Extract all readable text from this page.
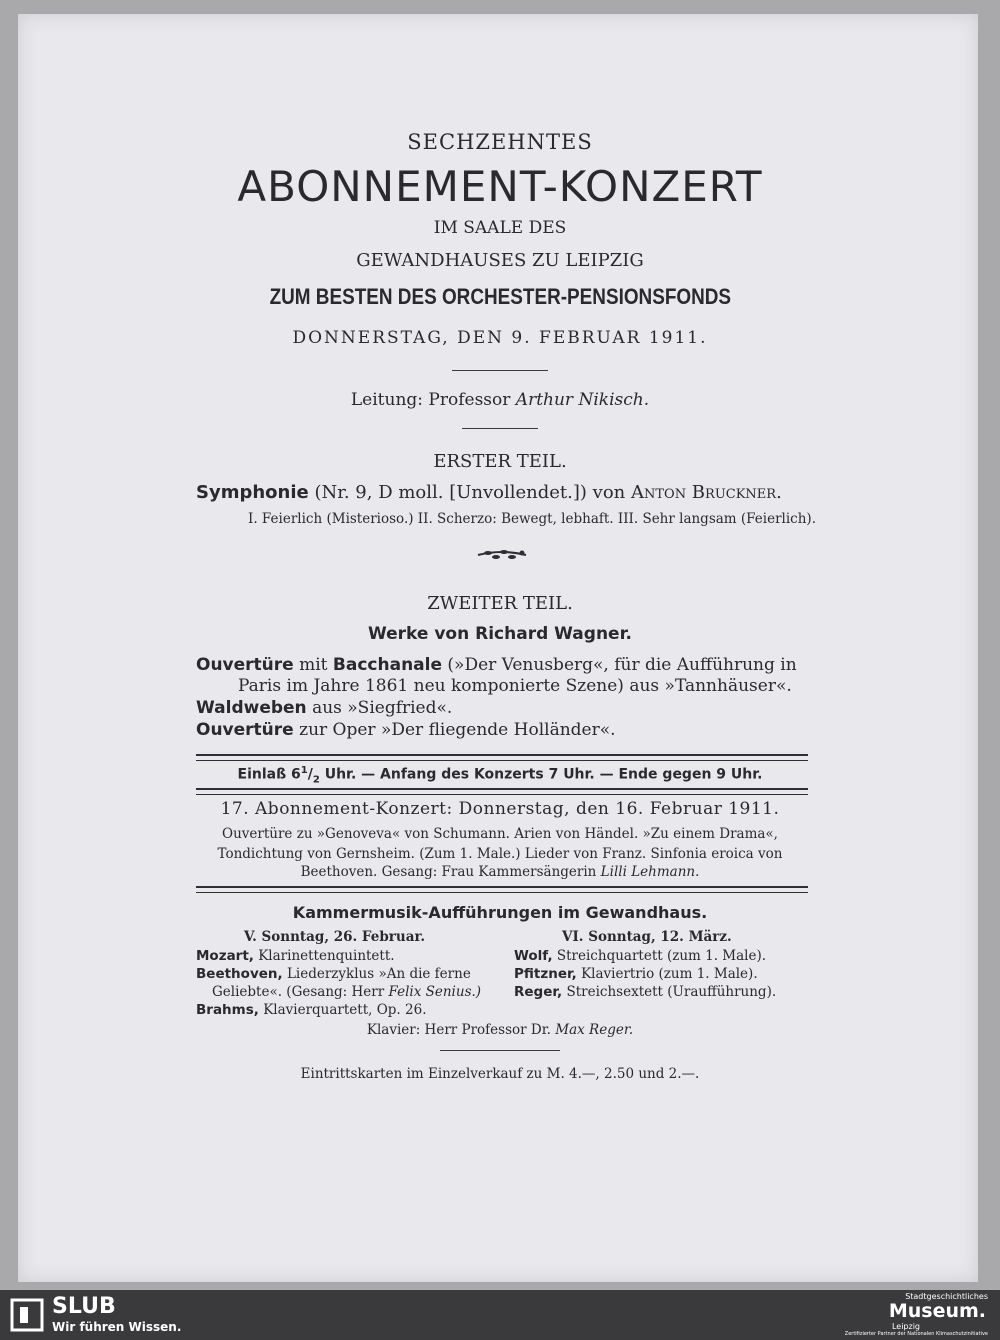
SECHZEHNTES
ABONNEMENT-KONZERT
IM SAALE DES
GEWANDHAUSES ZU LEIPZIG
ZUM BESTEN DES ORCHESTER-PENSIONSFONDS
DONNERSTAG, DEN 9. FEBRUAR 1911.
Leitung: Professor Arthur Nikisch.
ERSTER TEIL.
Symphonie (Nr. 9, D moll. [Unvollendet.]) von Anton Bruckner.
I. Feierlich (Misterioso.) II. Scherzo: Bewegt, lebhaft. III. Sehr langsam (Feierlich).
ZWEITER TEIL.
Werke von Richard Wagner.
Ouvertüre mit Bacchanale (»Der Venusberg«, für die Aufführung in
Paris im Jahre 1861 neu komponierte Szene) aus »Tannhäuser«.
Waldweben aus »Siegfried«.
Ouvertüre zur Oper »Der fliegende Holländer«.
Einlaß $6^1/_2$ Uhr. — Anfang des Konzerts 7 Uhr. — Ende gegen 9 Uhr.
17. Abonnement-Konzert: Donnerstag, den 16. Februar 1911.
Ouvertüre zu »Genoveva« von Schumann. Arien von Händel. »Zu einem Drama«,
Tondichtung von Gernsheim. (Zum 1. Male.) Lieder von Franz. Sinfonia eroica von
Beethoven. Gesang: Frau Kammersängerin Lilli Lehmann.
Kammermusik-Aufführungen im Gewandhaus.
V. Sonntag, 26. Februar.	VI. Sonntag, 12. März.
Mozart, Klarinettenquintett.
Beethoven, Liederzyklus »An die ferne
Geliebte«. (Gesang: Herr Felix Senius.)
Brahms, Klavierquartett, Op. 26.
Wolf, Streichquartett (zum 1. Male).
Pfitzner, Klaviertrio (zum 1. Male).
Reger, Streichsextett (Uraufführung).
Klavier: Herr Professor Dr. Max Reger.
Eintrittskarten im Einzelverkauf zu M. 4.—, 2.50 und 2.—.
SLUB
Wir führen Wissen.
Stadtgeschichtliches
Museum.
Leipzig
Zertifizierter Partner der Nationalen Klimaschutzinitiative
